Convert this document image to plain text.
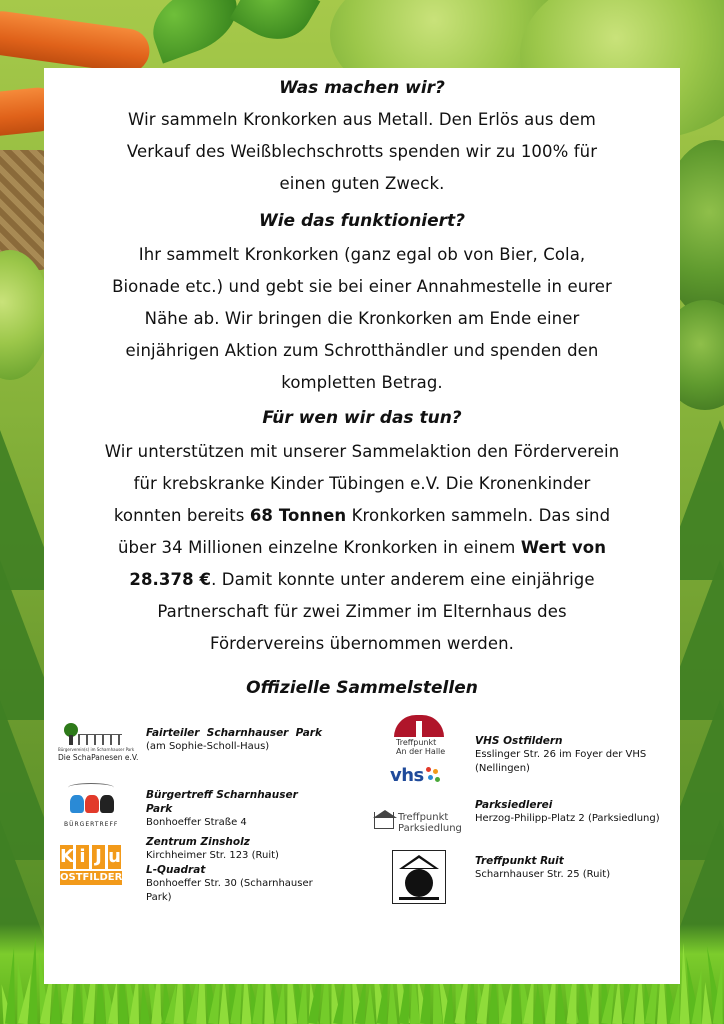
Was machen wir?

Wir sammeln Kronkorken aus Metall. Den Erlös aus dem
Verkauf des Weißblechschrotts spenden wir zu 100% für
einen guten Zweck.

Wie das funktioniert?

Ihr sammelt Kronkorken (ganz egal ob von Bier, Cola,
Bionade etc.) und gebt sie bei einer Annahmestelle in eurer
Nähe ab. Wir bringen die Kronkorken am Ende einer
einjährigen Aktion zum Schrotthändler und spenden den
kompletten Betrag.

Für wen wir das tun?

Wir unterstützen mit unserer Sammelaktion den Förderverein
für krebskranke Kinder Tübingen e.V. Die Kronenkinder
konnten bereits 68 Tonnen Kronkorken sammeln. Das sind
über 34 Millionen einzelne Kronkorken in einem Wert von
28.378 €. Damit konnte unter anderem eine einjährige
Partnerschaft für zwei Zimmer im Elternhaus des
Fördervereins übernommen werden.

Offizielle Sammelstellen

Bürgerverein(s) im Scharnhauser Park
Die SchaPanesen e.V.
BÜRGERTREFF
K i J u
OSTFILDERN
Fairteiler  Scharnhauser  Park
(am Sophie-Scholl-Haus)
Bürgertreff Scharnhauser Park
Bonhoeffer Straße 4
Zentrum Zinsholz
Kirchheimer Str. 123 (Ruit)
L-Quadrat
Bonhoeffer Str. 30 (Scharnhauser Park)
Treffpunkt
An der Halle
vhs
Treffpunkt
Parksiedlung
VHS Ostfildern
Esslinger Str. 26 im Foyer der VHS (Nellingen)
Parksiedlerei
Herzog-Philipp-Platz 2 (Parksiedlung)
Treffpunkt Ruit
Scharnhauser Str. 25 (Ruit)
